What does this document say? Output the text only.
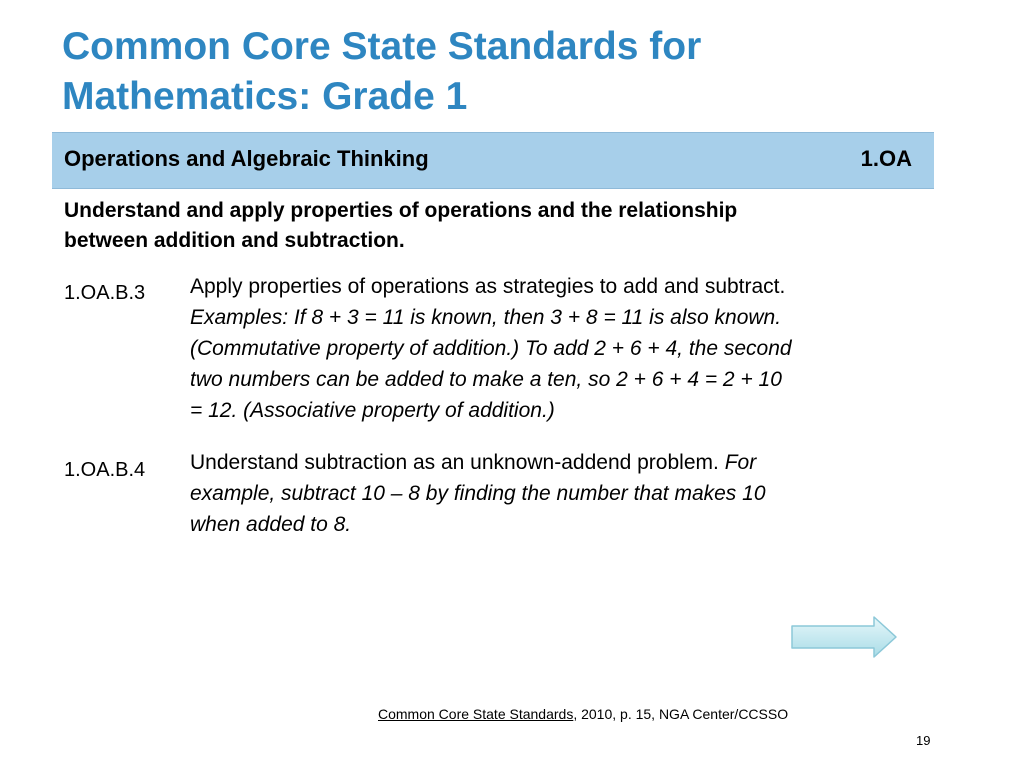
Common Core State Standards for
Mathematics: Grade 1
Operations and Algebraic Thinking	1.OA
Understand and apply properties of operations and the relationship
between addition and subtraction.
1.OA.B.3 Apply properties of operations as strategies to add and subtract.
Examples: If 8 + 3 = 11 is known, then 3 + 8 = 11 is also known.
(Commutative property of addition.) To add 2 + 6 + 4, the second
two numbers can be added to make a ten, so 2 + 6 + 4 = 2 + 10
= 12. (Associative property of addition.)
1.OA.B.4 Understand subtraction as an unknown-addend problem. For
example, subtract 10 – 8 by finding the number that makes 10
when added to 8.
Common Core State Standards, 2010, p. 15, NGA Center/CCSSO
19
